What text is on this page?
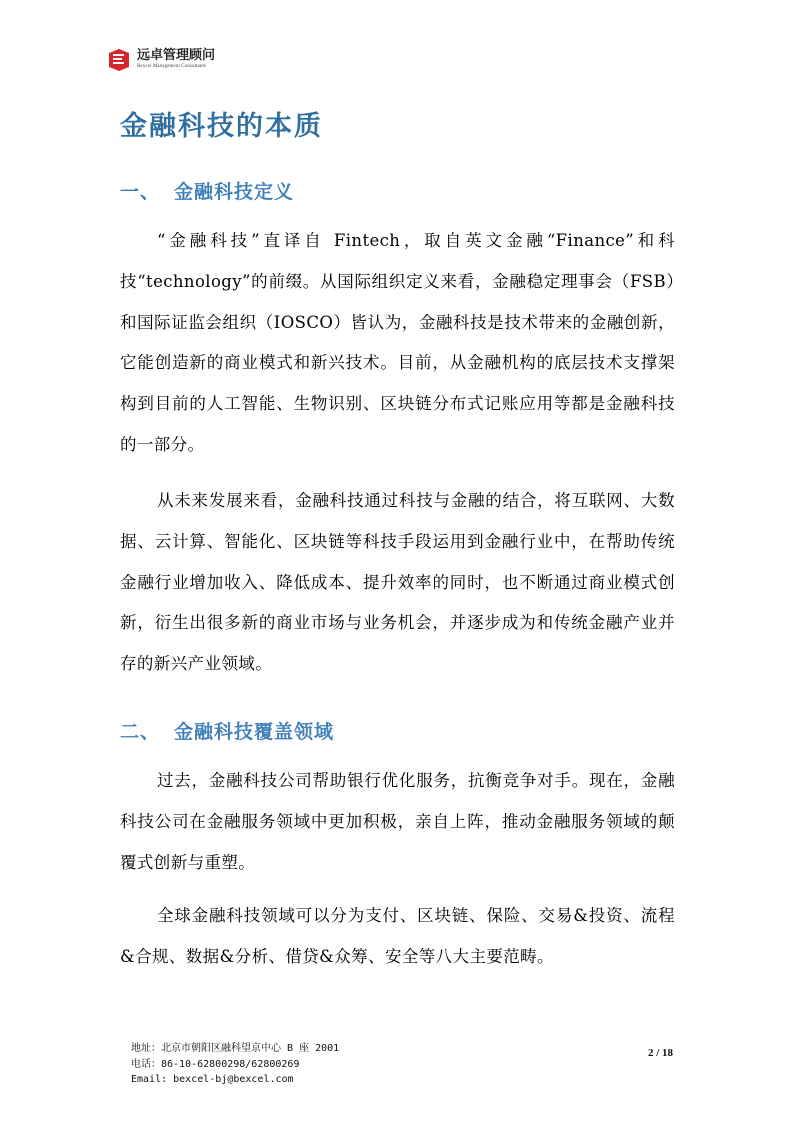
远卓管理顾问
Bexcel Management Consultants
金融科技的本质
一、 金融科技定义

“金融科技”直译自 Fintech，取自英文金融“Finance”和科技“technology”的前缀。从国际组织定义来看，金融稳定理事会（FSB）和国际证监会组织（IOSCO）皆认为，金融科技是技术带来的金融创新，它能创造新的商业模式和新兴技术。目前，从金融机构的底层技术支撑架构到目前的人工智能、生物识别、区块链分布式记账应用等都是金融科技的一部分。

从未来发展来看，金融科技通过科技与金融的结合，将互联网、大数据、云计算、智能化、区块链等科技手段运用到金融行业中，在帮助传统金融行业增加收入、降低成本、提升效率的同时，也不断通过商业模式创新，衍生出很多新的商业市场与业务机会，并逐步成为和传统金融产业并存的新兴产业领域。

二、 金融科技覆盖领域

过去，金融科技公司帮助银行优化服务，抗衡竞争对手。现在，金融科技公司在金融服务领域中更加积极，亲自上阵，推动金融服务领域的颠覆式创新与重塑。

全球金融科技领域可以分为支付、区块链、保险、交易&投资、流程&合规、数据&分析、借贷&众筹、安全等八大主要范畴。

地址：北京市朝阳区融科望京中心 B 座 2001
电话：86-10-62800298/62800269
Email: bexcel-bj@bexcel.com
2 / 18
